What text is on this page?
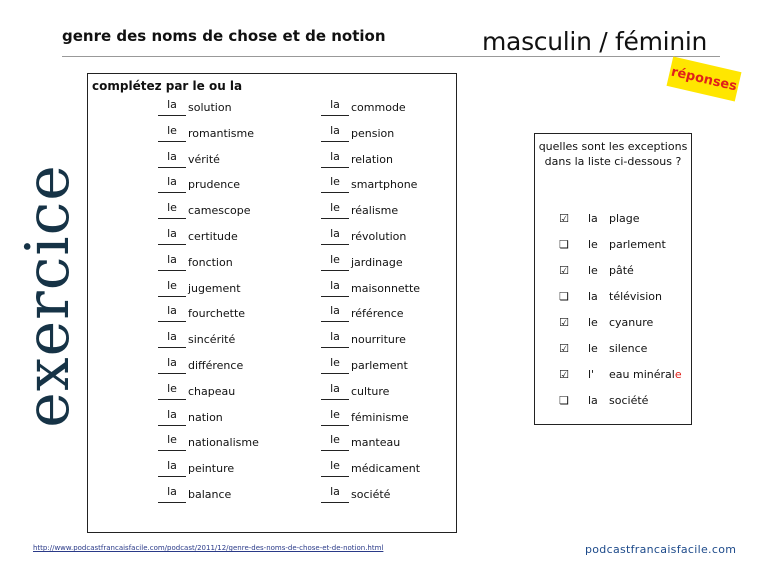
genre des noms de chose et de notion	masculin / féminin
exercice
réponses
complétez par le ou la
la	solution
le	romantisme
la	vérité
la	prudence
le	camescope
la	certitude
la	fonction
le	jugement
la	fourchette
la	sincérité
la	différence
le	chapeau
la	nation
le	nationalisme
la	peinture
la	balance
la	commode
la	pension
la	relation
le	smartphone
le	réalisme
la	révolution
le	jardinage
la	maisonnette
la	référence
la	nourriture
le	parlement
la	culture
le	féminisme
le	manteau
le	médicament
la	société
quelles sont les exceptions dans la liste ci-dessous ?
☑ la plage
❏ le parlement
☑ le pâté
❏ la télévision
☑ le cyanure
☑ le silence
☑ l' eau minérale
❏ la société
http://www.podcastfrancaisfacile.com/podcast/2011/12/genre-des-noms-de-chose-et-de-notion.html	podcastfrancaisfacile.com
